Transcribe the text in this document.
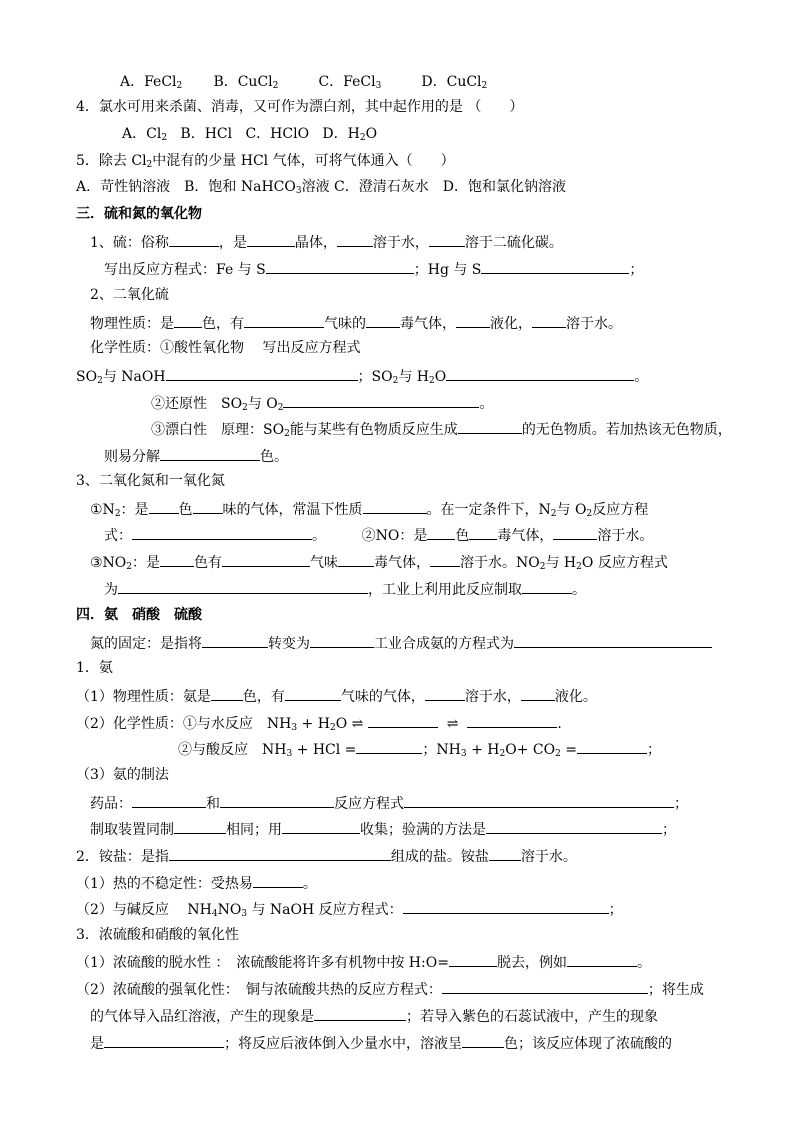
A．FeCl$_2$ B．CuCl$_2$	C．FeCl$_3$	D．CuCl$_2$
4．氯水可用来杀菌、消毒，又可作为漂白剂，其中起作用的是 （　　）
A．$Cl_2$ B．HCl C．HClO D．$H_2O$
5．除去 $Cl_2$中混有的少量 HCl 气体，可将气体通入（　　）
A．苛性钠溶液　B．饱和 NaHCO$_3$溶液 C．澄清石灰水　D．饱和氯化钠溶液
三．硫和氮的氧化物
1、硫：俗称	，是	晶体，	溶于水，	溶于二硫化碳。
写出反应方程式：Fe 与 S	；Hg 与 S	；
2、二氧化硫
物理性质：是 色，有	气味的 毒气体， 液化， 溶于水。
化学性质：①酸性氧化物　 写出反应方程式
$SO_2$与 NaOH	；$SO_2$与 $H_2O$	。
②还原性　$SO_2$与 $O_2$	。
③漂白性　原理：$SO_2$能与某些有色物质反应生成	的无色物质。若加热该无色物质，
则易分解	色。
3、二氧化氮和一氧化氮
$①N_2$：是 色 味的气体，常温下性质	。在一定条件下，$N_2$与 $O_2$反应方程
式：	。	②NO：是 色 毒气体，	溶于水。
$③NO_2$：是 色有	气味	毒气体， 溶于水。$NO_2$与 $H_2O$ 反应方程式
为	，工业上利用此反应制取	。
四．氨　硝酸　硫酸
氮的固定：是指将	转变为	工业合成氨的方程式为
1．氨
（1）物理性质：氨是 色，有	气味的气体，	溶于水， 液化。
（2）化学性质：①与水反应　$NH_3 + H_2O$ ⇌	⇌	.
②与酸反应　$NH_3$ + HCl =	；$NH_3 + H_2O+ CO_2$ =	；
（3）氨的制法
药品：	和	反应方程式	；
制取装置同制	相同；用	收集；验满的方法是	；
2．铵盐：是指	组成的盐。铵盐 溶于水。
（1）热的不稳定性：受热易	。
（2）与碱反应　 $NH_4NO_3$ 与 NaOH 反应方程式：	；
3．浓硫酸和硝酸的氧化性
（1）浓硫酸的脱水性 ：　浓硫酸能将许多有机物中按 H:O=	脱去，例如	。
（2）浓硫酸的强氧化性：　铜与浓硫酸共热的反应方程式：	；将生成
的气体导入品红溶液，产生的现象是	；若导入紫色的石蕊试液中，产生的现象
是	；将反应后液体倒入少量水中，溶液呈	色；该反应体现了浓硫酸的
